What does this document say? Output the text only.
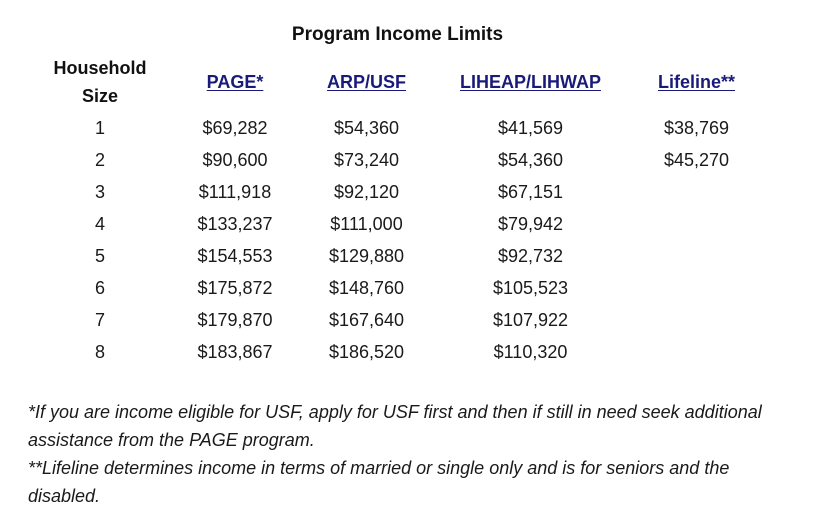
Program Income Limits
Household
Size	PAGE*	ARP/USF	LIHEAP/LIHWAP	Lifeline**
1	$69,282	$54,360	$41,569	$38,769
2	$90,600	$73,240	$54,360	$45,270
3	$111,918	$92,120	$67,151	
4	$133,237	$111,000	$79,942	
5	$154,553	$129,880	$92,732	
6	$175,872	$148,760	$105,523	
7	$179,870	$167,640	$107,922	
8	$183,867	$186,520	$110,320	

*If you are income eligible for USF, apply for USF first and then if still in need seek additional assistance from the PAGE program.

**Lifeline determines income in terms of married or single only and is for seniors and the disabled.
